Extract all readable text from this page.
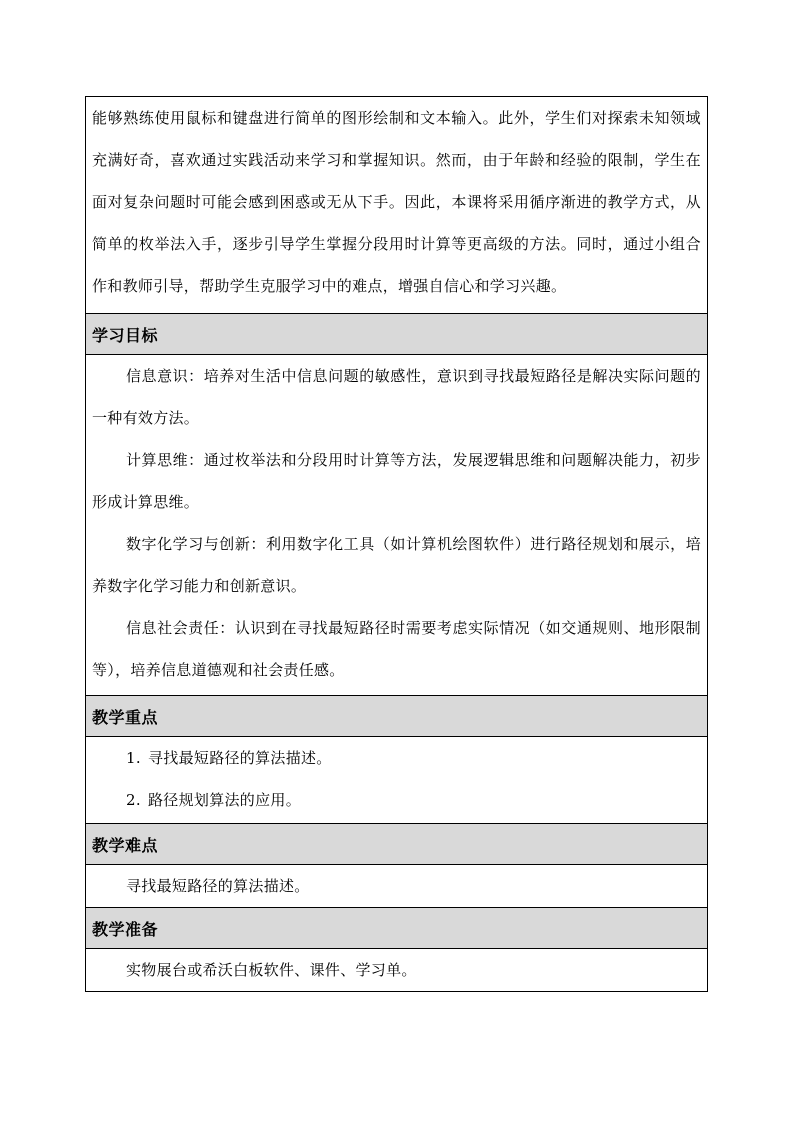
能够熟练使用鼠标和键盘进行简单的图形绘制和文本输入。此外，学生们对探索未知领域充满好奇，喜欢通过实践活动来学习和掌握知识。然而，由于年龄和经验的限制，学生在面对复杂问题时可能会感到困惑或无从下手。因此，本课将采用循序渐进的教学方式，从简单的枚举法入手，逐步引导学生掌握分段用时计算等更高级的方法。同时，通过小组合作和教师引导，帮助学生克服学习中的难点，增强自信心和学习兴趣。

学习目标

信息意识：培养对生活中信息问题的敏感性，意识到寻找最短路径是解决实际问题的一种有效方法。

计算思维：通过枚举法和分段用时计算等方法，发展逻辑思维和问题解决能力，初步形成计算思维。

数字化学习与创新：利用数字化工具（如计算机绘图软件）进行路径规划和展示，培养数字化学习能力和创新意识。

信息社会责任：认识到在寻找最短路径时需要考虑实际情况（如交通规则、地形限制等），培养信息道德观和社会责任感。

教学重点

1. 寻找最短路径的算法描述。

2. 路径规划算法的应用。

教学难点

寻找最短路径的算法描述。

教学准备

实物展台或希沃白板软件、课件、学习单。
